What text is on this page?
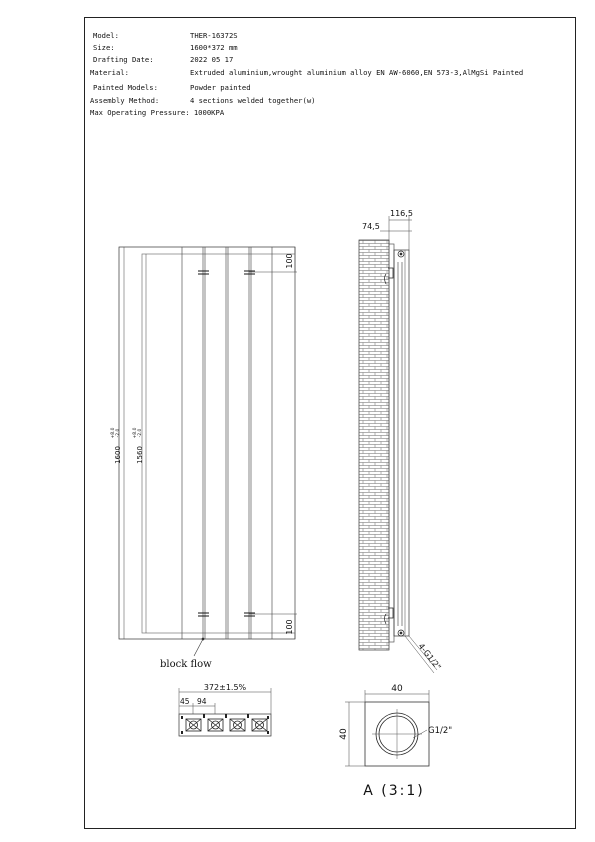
Model:	THER-16372S
Size:	1600*372 mm
Drafting Date:	2022 05 17
Material:	Extruded aluminium,wrought aluminium alloy EN AW-6060,EN 573-3,AlMgSi Painted
Painted Models:	Powder painted
Assembly Method:	4 sections welded together(w)
Max Operating Pressure: 1000KPA
100
100
1600
+8.0 -2.0
1560
+8.0 -2.0
block flow
116,5
74,5
4-G1/2"
372±1.5%
45 94
40
40	G1/2"
A (3:1)
